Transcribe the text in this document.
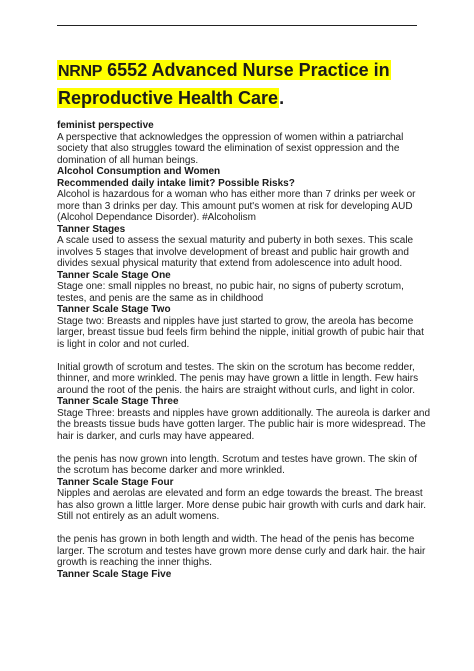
NRNP 6552 Advanced Nurse Practice in Reproductive Health Care.
feminist perspective
A perspective that acknowledges the oppression of women within a patriarchal society that also struggles toward the elimination of sexist oppression and the domination of all human beings.
Alcohol Consumption and Women
Recommended daily intake limit? Possible Risks?
Alcohol is hazardous for a woman who has either more than 7 drinks per week or more than 3 drinks per day. This amount put's women at risk for developing AUD (Alcohol Dependance Disorder). #Alcoholism
Tanner Stages
A scale used to assess the sexual maturity and puberty in both sexes. This scale involves 5 stages that involve development of breast and public hair growth and divides sexual physical maturity that extend from adolescence into adult hood.
Tanner Scale Stage One
Stage one: small nipples no breast, no pubic hair, no signs of puberty scrotum, testes, and penis are the same as in childhood
Tanner Scale Stage Two
Stage two: Breasts and nipples have just started to grow, the areola has become larger, breast tissue bud feels firm behind the nipple, initial growth of pubic hair that is light in color and not curled.
Initial growth of scrotum and testes. The skin on the scrotum has become redder, thinner, and more wrinkled. The penis may have grown a little in length. Few hairs around the root of the penis. the hairs are straight without curls, and light in color.
Tanner Scale Stage Three
Stage Three: breasts and nipples have grown additionally. The aureola is darker and the breasts tissue buds have gotten larger. The public hair is more widespread. The hair is darker, and curls may have appeared.
the penis has now grown into length. Scrotum and testes have grown. The skin of the scrotum has become darker and more wrinkled.
Tanner Scale Stage Four
Nipples and aerolas are elevated and form an edge towards the breast. The breast has also grown a little larger. More dense pubic hair growth with curls and dark hair. Still not entirely as an adult womens.
the penis has grown in both length and width. The head of the penis has become larger. The scrotum and testes have grown more dense curly and dark hair. the hair growth is reaching the inner thighs.
Tanner Scale Stage Five
